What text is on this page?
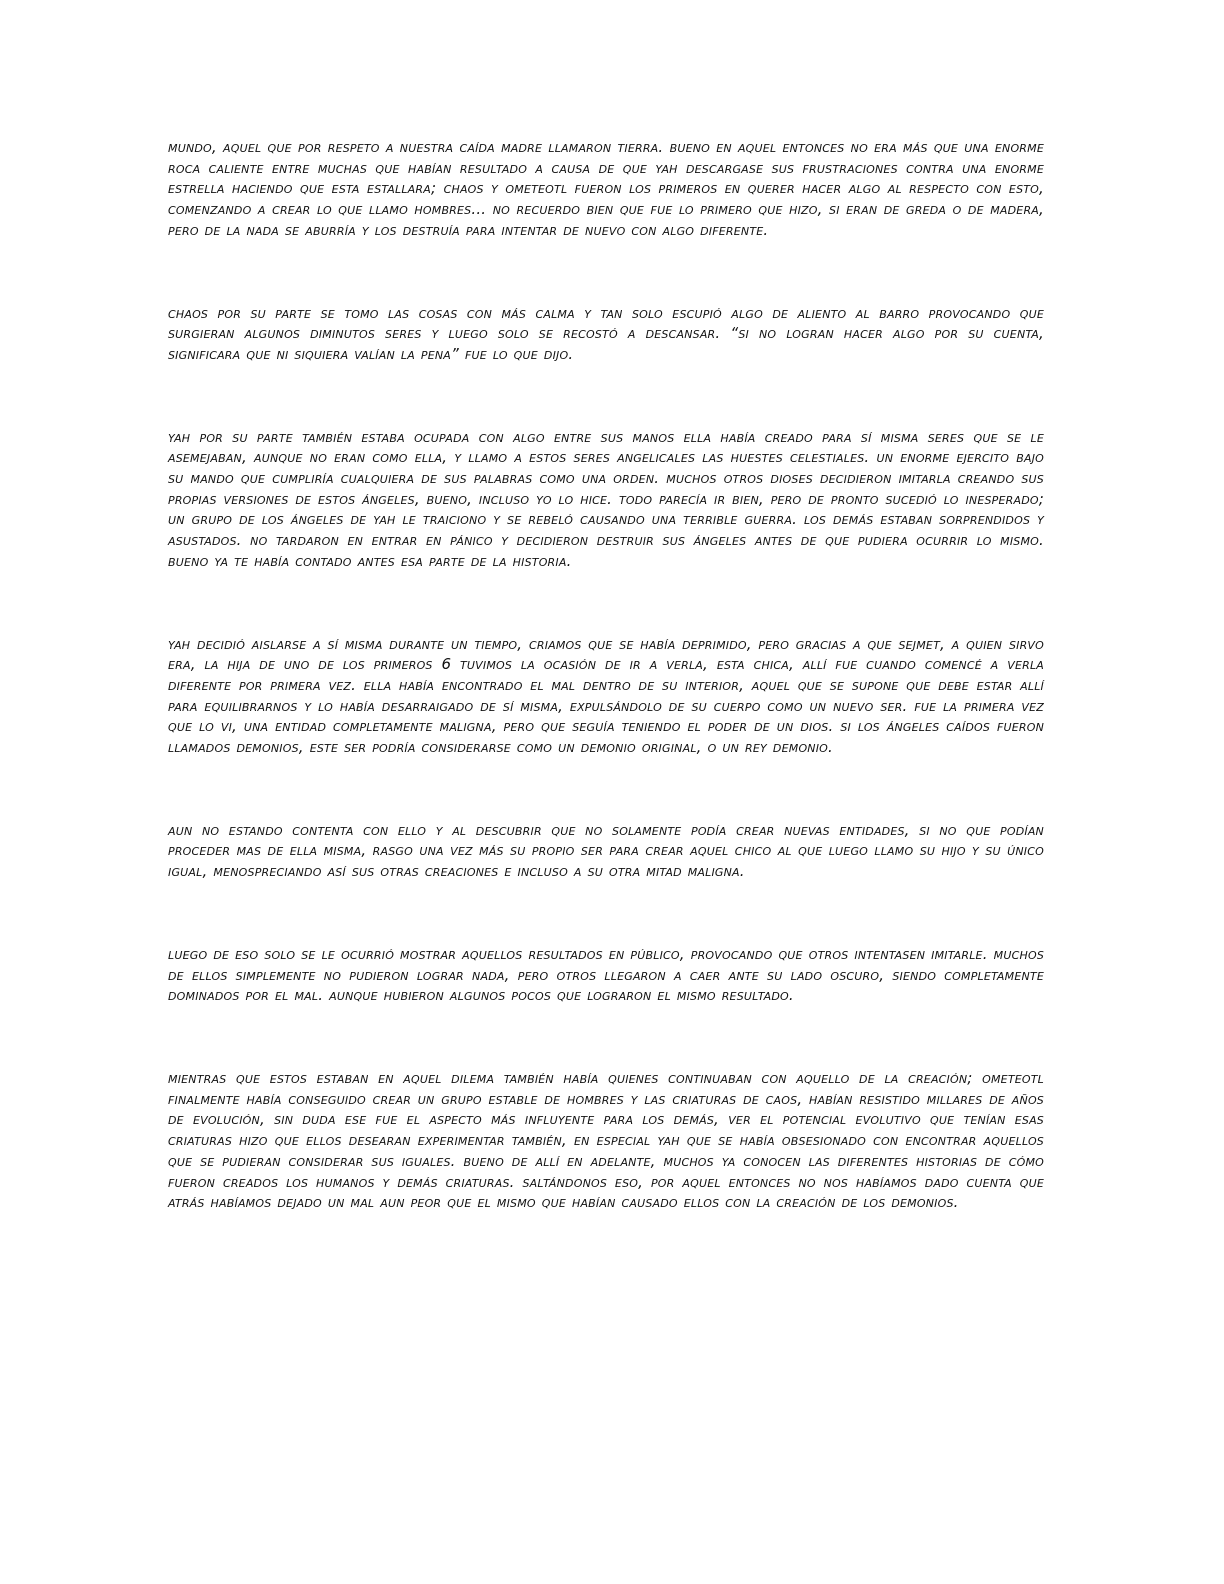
mundo, aquel que por respeto a nuestra caída madre llamaron tierra. bueno en aquel entonces no era más que una enorme roca caliente entre muchas que habían resultado a causa de que yah descargase sus frustraciones contra una enorme estrella haciendo que esta estallara; chaos y ometeotl fueron los primeros en querer hacer algo al respecto con esto, comenzando a crear lo que llamo hombres... no recuerdo bien que fue lo primero que hizo, si eran de greda o de madera, pero de la nada se aburría y los destruía para intentar de nuevo con algo diferente.

chaos por su parte se tomo las cosas con más calma y tan solo escupió algo de aliento al barro provocando que surgieran algunos diminutos seres y luego solo se recostó a descansar. “si no logran hacer algo por su cuenta, significara que ni siquiera valían la pena” fue lo que dijo.

yah por su parte también estaba ocupada con algo entre sus manos ella había creado para sí misma seres que se le asemejaban, aunque no eran como ella, y llamo a estos seres angelicales las huestes celestiales. un enorme ejercito bajo su mando que cumpliría cualquiera de sus palabras como una orden. muchos otros dioses decidieron imitarla creando sus propias versiones de estos ángeles, bueno, incluso yo lo hice. todo parecía ir bien, pero de pronto sucedió lo inesperado; un grupo de los ángeles de yah le traiciono y se rebeló causando una terrible guerra. los demás estaban sorprendidos y asustados. no tardaron en entrar en pánico y decidieron destruir sus ángeles antes de que pudiera ocurrir lo mismo. bueno ya te había contado antes esa parte de la historia.

yah decidió aislarse a sí misma durante un tiempo, criamos que se había deprimido, pero gracias a que sejmet, a quien sirvo era, la hija de uno de los primeros 6 tuvimos la ocasión de ir a verla, esta chica, allí fue cuando comencé a verla diferente por primera vez. ella había encontrado el mal dentro de su interior, aquel que se supone que debe estar allí para equilibrarnos y lo había desarraigado de sí misma, expulsándolo de su cuerpo como un nuevo ser. fue la primera vez que lo vi, una entidad completamente maligna, pero que seguía teniendo el poder de un dios. si los ángeles caídos fueron llamados demonios, este ser podría considerarse como un demonio original, o un rey demonio.

aun no estando contenta con ello y al descubrir que no solamente podía crear nuevas entidades, si no que podían proceder mas de ella misma, rasgo una vez más su propio ser para crear aquel chico al que luego llamo su hijo y su único igual, menospreciando así sus otras creaciones e incluso a su otra mitad maligna.

luego de eso solo se le ocurrió mostrar aquellos resultados en público, provocando que otros intentasen imitarle. muchos de ellos simplemente no pudieron lograr nada, pero otros llegaron a caer ante su lado oscuro, siendo completamente dominados por el mal. aunque hubieron algunos pocos que lograron el mismo resultado.

mientras que estos estaban en aquel dilema también había quienes continuaban con aquello de la creación; ometeotl finalmente había conseguido crear un grupo estable de hombres y las criaturas de caos, habían resistido millares de años de evolución, sin duda ese fue el aspecto más influyente para los demás, ver el potencial evolutivo que tenían esas criaturas hizo que ellos desearan experimentar también, en especial yah que se había obsesionado con encontrar aquellos que se pudieran considerar sus iguales. bueno de allí en adelante, muchos ya conocen las diferentes historias de cómo fueron creados los humanos y demás criaturas. saltándonos eso, por aquel entonces no nos habíamos dado cuenta que atrás habíamos dejado un mal aun peor que el mismo que habían causado ellos con la creación de los demonios.
